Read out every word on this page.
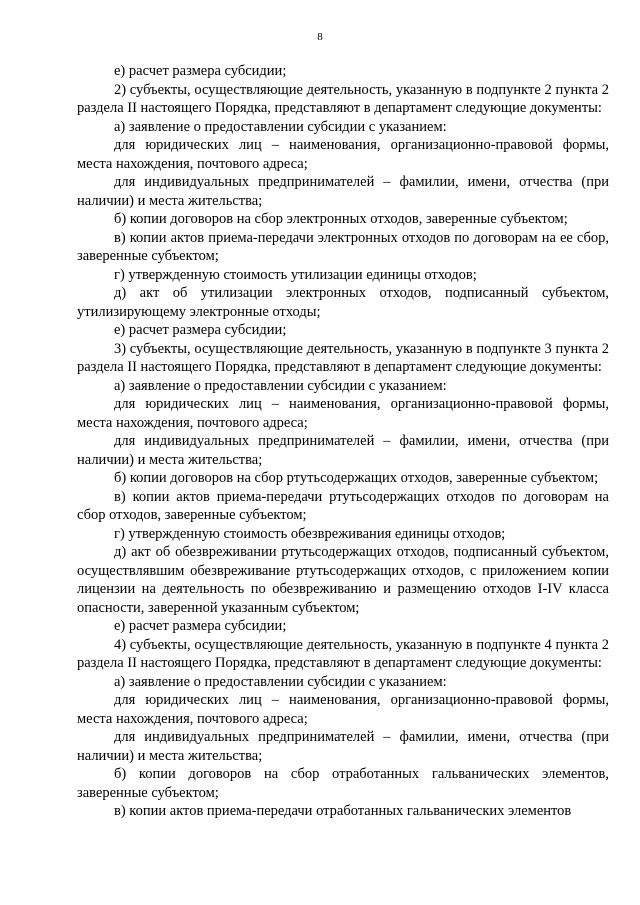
8

е) расчет размера субсидии;

2) субъекты, осуществляющие деятельность, указанную в подпункте 2 пункта 2 раздела II настоящего Порядка, представляют в департамент следующие документы:

а) заявление о предоставлении субсидии с указанием:

для юридических лиц – наименования, организационно-правовой формы, места нахождения, почтового адреса;

для индивидуальных предпринимателей – фамилии, имени, отчества (при наличии) и места жительства;

б) копии договоров на сбор электронных отходов, заверенные субъектом;

в) копии актов приема-передачи электронных отходов по договорам на ее сбор, заверенные субъектом;

г) утвержденную стоимость утилизации единицы отходов;

д) акт об утилизации электронных отходов, подписанный субъектом, утилизирующему электронные отходы;

е) расчет размера субсидии;

3) субъекты, осуществляющие деятельность, указанную в подпункте 3 пункта 2 раздела II настоящего Порядка, представляют в департамент следующие документы:

а) заявление о предоставлении субсидии с указанием:

для юридических лиц – наименования, организационно-правовой формы, места нахождения, почтового адреса;

для индивидуальных предпринимателей – фамилии, имени, отчества (при наличии) и места жительства;

б) копии договоров на сбор ртутьсодержащих отходов, заверенные субъектом;

в) копии актов приема-передачи ртутьсодержащих отходов по договорам на сбор отходов, заверенные субъектом;

г) утвержденную стоимость обезвреживания единицы отходов;

д) акт об обезвреживании ртутьсодержащих отходов, подписанный субъектом, осуществлявшим обезвреживание ртутьсодержащих отходов, с приложением копии лицензии на деятельность по обезвреживанию и размещению отходов I-IV класса опасности, заверенной указанным субъектом;

е) расчет размера субсидии;

4) субъекты, осуществляющие деятельность, указанную в подпункте 4 пункта 2 раздела II настоящего Порядка, представляют в департамент следующие документы:

а) заявление о предоставлении субсидии с указанием:

для юридических лиц – наименования, организационно-правовой формы, места нахождения, почтового адреса;

для индивидуальных предпринимателей – фамилии, имени, отчества (при наличии) и места жительства;

б) копии договоров на сбор отработанных гальванических элементов, заверенные субъектом;

в) копии актов приема-передачи отработанных гальванических элементов
